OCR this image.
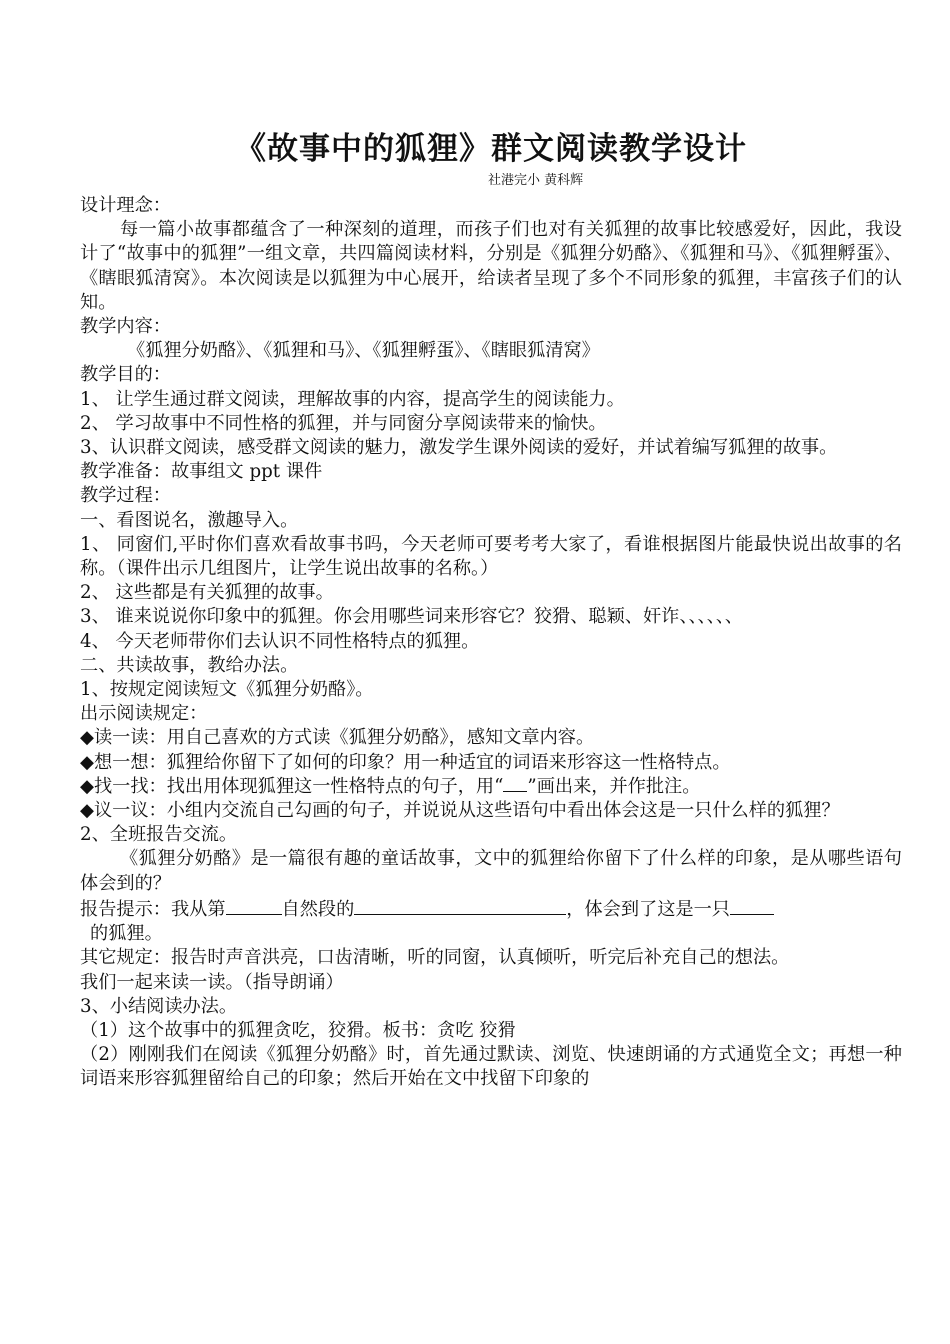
《故事中的狐狸》群文阅读教学设计

社港完小 黄科辉

设计理念：

每一篇小故事都蕴含了一种深刻的道理，而孩子们也对有关狐狸的故事比较感爱好，因此，我设计了“故事中的狐狸”一组文章，共四篇阅读材料，分别是《狐狸分奶酪》、《狐狸和马》、《狐狸孵蛋》、《瞎眼狐清窝》。本次阅读是以狐狸为中心展开，给读者呈现了多个不同形象的狐狸，丰富孩子们的认知。

教学内容：

《狐狸分奶酪》、《狐狸和马》、《狐狸孵蛋》、《瞎眼狐清窝》

教学目的：

1、 让学生通过群文阅读，理解故事的内容，提高学生的阅读能力。

2、 学习故事中不同性格的狐狸，并与同窗分享阅读带来的愉快。

3、认识群文阅读，感受群文阅读的魅力，激发学生课外阅读的爱好，并试着编写狐狸的故事。

教学准备：故事组文 ppt 课件

教学过程：

一、看图说名，激趣导入。

1、 同窗们,平时你们喜欢看故事书吗，今天老师可要考考大家了，看谁根据图片能最快说出故事的名称。（课件出示几组图片，让学生说出故事的名称。）

2、 这些都是有关狐狸的故事。

3、 谁来说说你印象中的狐狸。你会用哪些词来形容它？狡猾、聪颖、奸诈、、、、、、

4、 今天老师带你们去认识不同性格特点的狐狸。

二、共读故事，教给办法。

1、按规定阅读短文《狐狸分奶酪》。

出示阅读规定：

◆读一读：用自己喜欢的方式读《狐狸分奶酪》，感知文章内容。

◆想一想：狐狸给你留下了如何的印象？用一种适宜的词语来形容这一性格特点。

◆找一找：找出用体现狐狸这一性格特点的句子，用“ ”画出来，并作批注。

◆议一议：小组内交流自己勾画的句子，并说说从这些语句中看出体会这是一只什么样的狐狸？

2、全班报告交流。

《狐狸分奶酪》是一篇很有趣的童话故事，文中的狐狸给你留下了什么样的印象，是从哪些语句体会到的？

报告提示：我从第	自然段的	，体会到了这是一只

的狐狸。

其它规定：报告时声音洪亮，口齿清晰，听的同窗，认真倾听，听完后补充自己的想法。

我们一起来读一读。（指导朗诵）

3、小结阅读办法。

（1）这个故事中的狐狸贪吃，狡猾。板书：贪吃 狡猾

（2）刚刚我们在阅读《狐狸分奶酪》时，首先通过默读、浏览、快速朗诵的方式通览全文；再想一种词语来形容狐狸留给自己的印象；然后开始在文中找留下印象的
